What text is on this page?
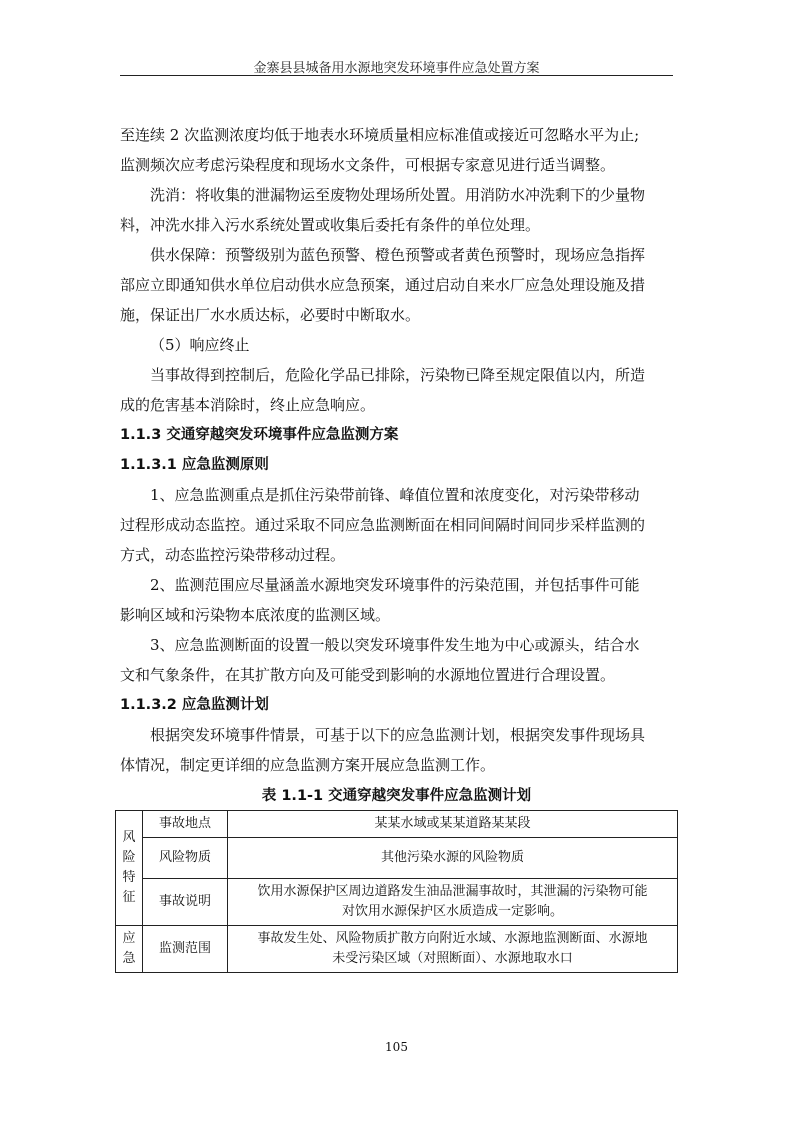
金寨县县城备用水源地突发环境事件应急处置方案

至连续 2 次监测浓度均低于地表水环境质量相应标准值或接近可忽略水平为止;
监测频次应考虑污染程度和现场水文条件，可根据专家意见进行适当调整。

洗消：将收集的泄漏物运至废物处理场所处置。用消防水冲洗剩下的少量物
料，冲洗水排入污水系统处置或收集后委托有条件的单位处理。

供水保障：预警级别为蓝色预警、橙色预警或者黄色预警时，现场应急指挥
部应立即通知供水单位启动供水应急预案，通过启动自来水厂应急处理设施及措
施，保证出厂水水质达标，必要时中断取水。

（5）响应终止

当事故得到控制后，危险化学品已排除，污染物已降至规定限值以内，所造
成的危害基本消除时，终止应急响应。

1.1.3 交通穿越突发环境事件应急监测方案
1.1.3.1 应急监测原则

1、应急监测重点是抓住污染带前锋、峰值位置和浓度变化，对污染带移动
过程形成动态监控。通过采取不同应急监测断面在相同间隔时间同步采样监测的
方式，动态监控污染带移动过程。

2、监测范围应尽量涵盖水源地突发环境事件的污染范围，并包括事件可能
影响区域和污染物本底浓度的监测区域。

3、应急监测断面的设置一般以突发环境事件发生地为中心或源头，结合水
文和气象条件，在其扩散方向及可能受到影响的水源地位置进行合理设置。

1.1.3.2 应急监测计划

根据突发环境事件情景，可基于以下的应急监测计划，根据突发事件现场具
体情况，制定更详细的应急监测方案开展应急监测工作。

表 1.1-1 交通穿越突发事件应急监测计划
风
险
特
征	事故地点	某某水域或某某道路某某段
	风险物质	其他污染水源的风险物质
	事故说明	饮用水源保护区周边道路发生油品泄漏事故时，其泄漏的污染物可能
对饮用水源保护区水质造成一定影响。

应
急	监测范围	事故发生处、风险物质扩散方向附近水域、水源地监测断面、水源地
未受污染区域（对照断面）、水源地取水口
105
